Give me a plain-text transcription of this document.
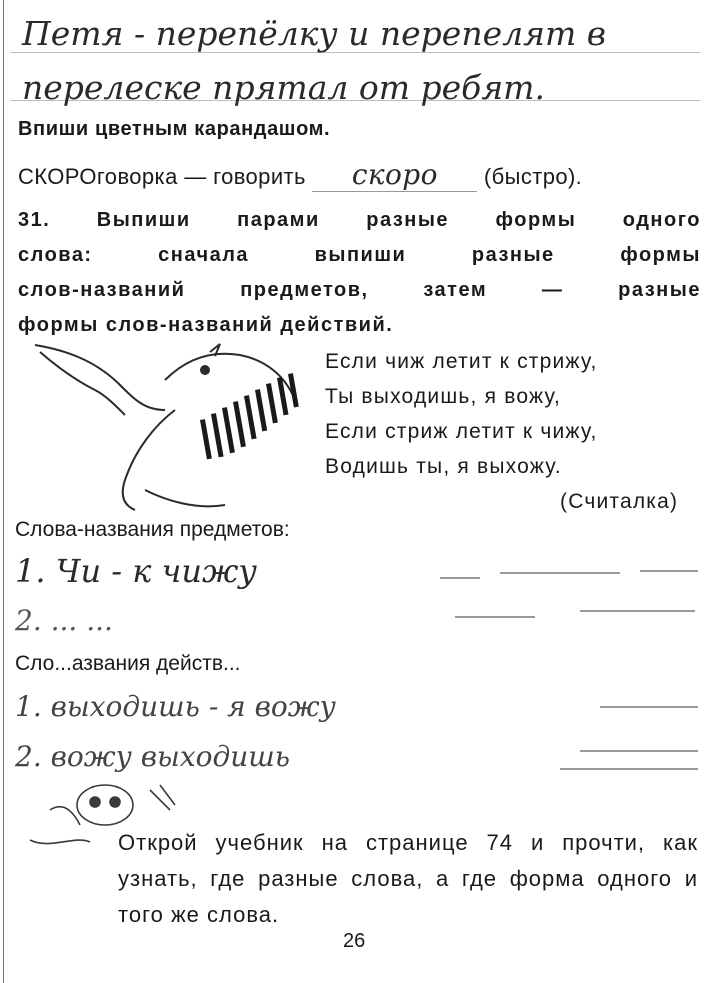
Петя - перепёлку и перепелят в
перелеске прятал от ребят.
Впиши цветным карандашом.
СКОРОговорка — говорить скоро (быстро).
31. Выпиши парами разные формы одного
слова:	сначала	выпиши	разные	формы
слов-названий	предметов,	затем	—	разные
формы слов-названий действий.
Если чиж летит к стрижу,
Ты выходишь, я вожу,
Если стриж летит к чижу,
Водишь ты, я выхожу.
(Считалка)
Слова-названия предметов:
1. Чи - к чижу
2. ... ...
Сло...азвания действ...
1. выходишь - я вожу
2. вожу выходишь
Открой учебник на странице 74 и прочти, как узнать, где разные слова, а где форма одного и того же слова.
26
